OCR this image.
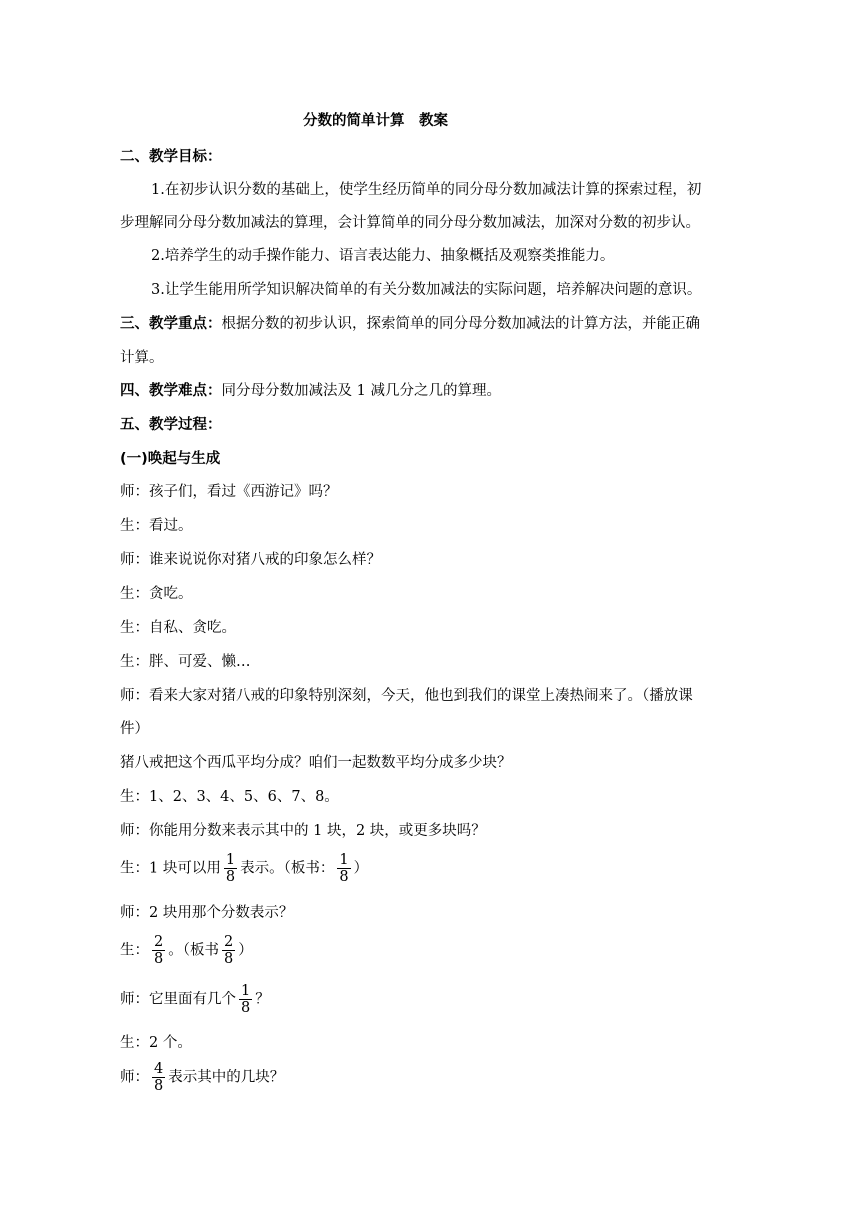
分数的简单计算　教案
二、教学目标：
1.在初步认识分数的基础上，使学生经历简单的同分母分数加减法计算的探索过程，初
步理解同分母分数加减法的算理，会计算简单的同分母分数加减法，加深对分数的初步认。
2.培养学生的动手操作能力、语言表达能力、抽象概括及观察类推能力。
3.让学生能用所学知识解决简单的有关分数加减法的实际问题，培养解决问题的意识。
三、教学重点：根据分数的初步认识，探索简单的同分母分数加减法的计算方法，并能正确
计算。
四、教学难点：同分母分数加减法及 1 减几分之几的算理。
五、教学过程：
(一)唤起与生成
师：孩子们，看过《西游记》吗？
生：看过。
师：谁来说说你对猪八戒的印象怎么样？
生：贪吃。
生：自私、贪吃。
生：胖、可爱、懒…
师：看来大家对猪八戒的印象特别深刻，今天，他也到我们的课堂上凑热闹来了。（播放课
件）
猪八戒把这个西瓜平均分成？咱们一起数数平均分成多少块？
生：1、2、3、4、5、6、7、8。
师：你能用分数来表示其中的 1 块，2 块，或更多块吗？
生：1 块可以用 $\frac{1}{8}$ 表示。（板书： $\frac{1}{8}$ ）
师：2 块用那个分数表示？
生： $\frac{2}{8}$ 。（板书 $\frac{2}{8}$ ）
师：它里面有几个 $\frac{1}{8}$ ？
生：2 个。
师： $\frac{4}{8}$ 表示其中的几块？
